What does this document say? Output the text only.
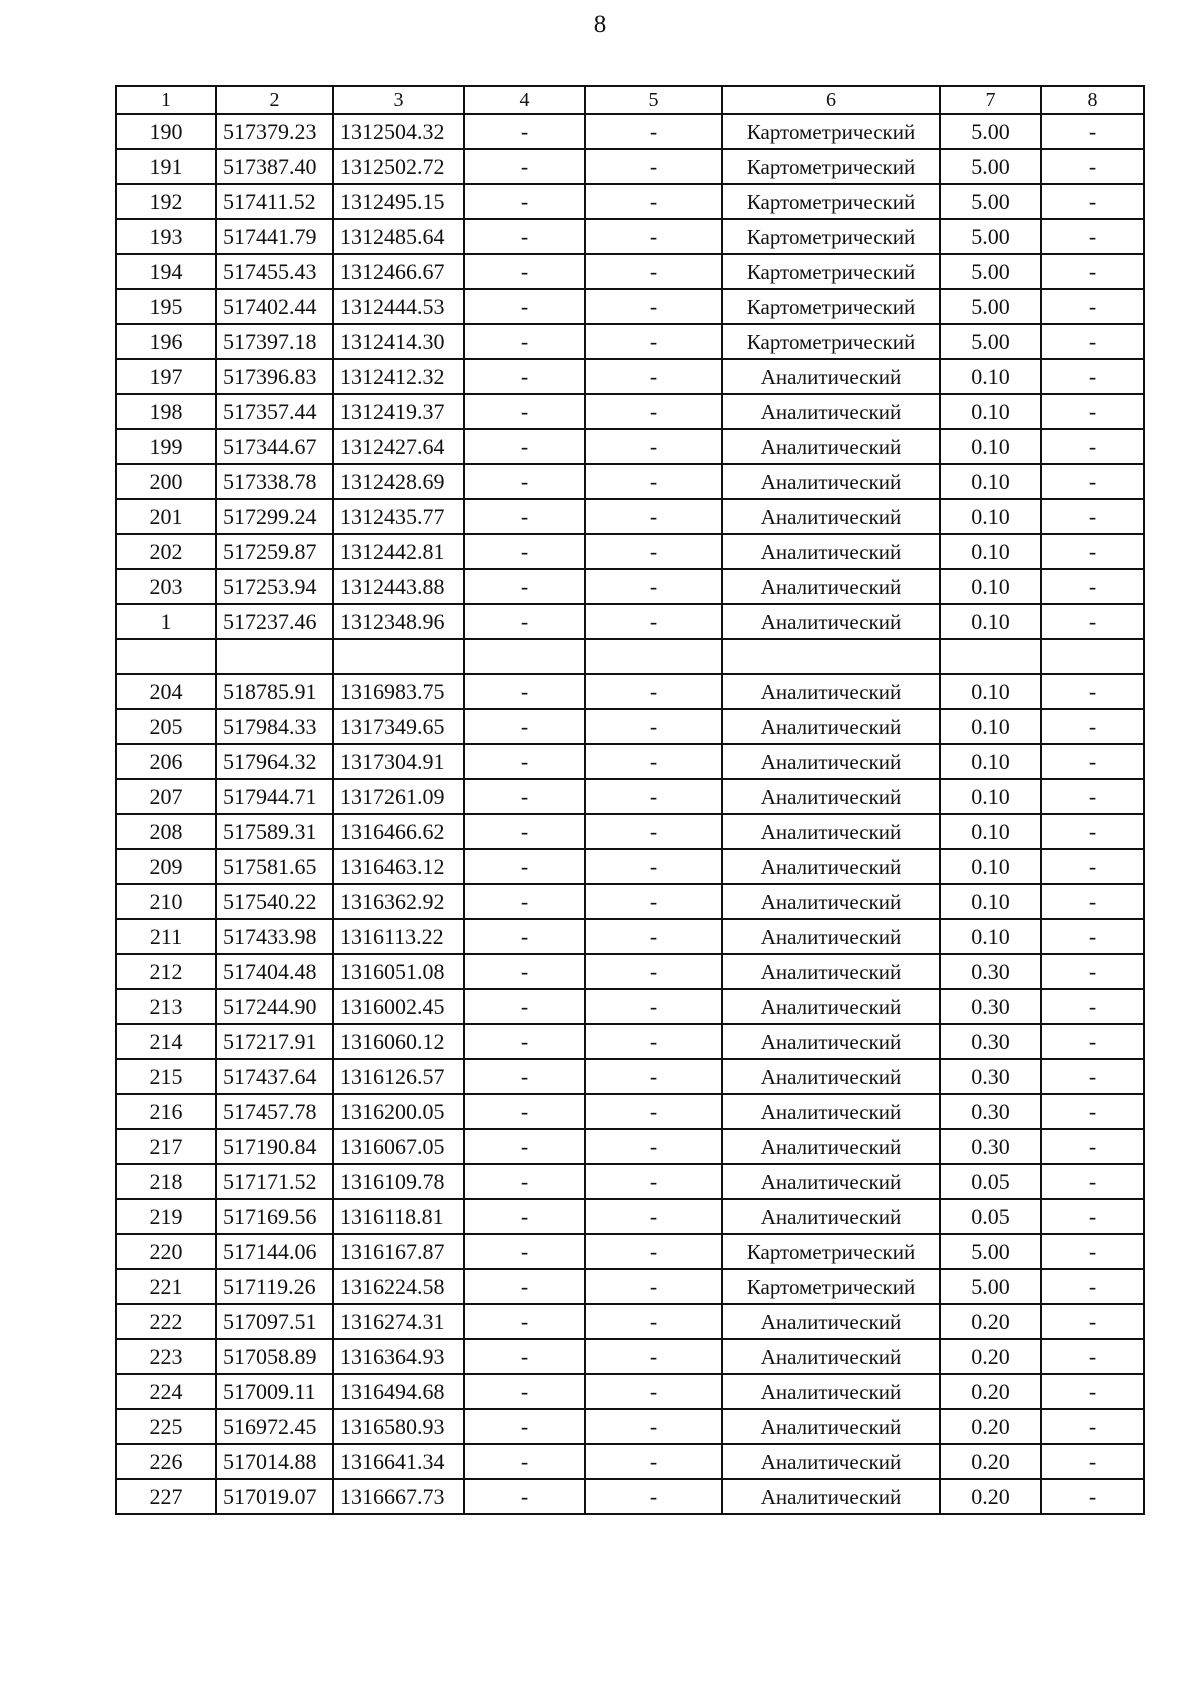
8
1	2	3	4	5	6	7	8
190	517379.23	1312504.32	-	-	Картометрический	5.00	-
191	517387.40	1312502.72	-	-	Картометрический	5.00	-
192	517411.52	1312495.15	-	-	Картометрический	5.00	-
193	517441.79	1312485.64	-	-	Картометрический	5.00	-
194	517455.43	1312466.67	-	-	Картометрический	5.00	-
195	517402.44	1312444.53	-	-	Картометрический	5.00	-
196	517397.18	1312414.30	-	-	Картометрический	5.00	-
197	517396.83	1312412.32	-	-	Аналитический	0.10	-
198	517357.44	1312419.37	-	-	Аналитический	0.10	-
199	517344.67	1312427.64	-	-	Аналитический	0.10	-
200	517338.78	1312428.69	-	-	Аналитический	0.10	-
201	517299.24	1312435.77	-	-	Аналитический	0.10	-
202	517259.87	1312442.81	-	-	Аналитический	0.10	-
203	517253.94	1312443.88	-	-	Аналитический	0.10	-
1	517237.46	1312348.96	-	-	Аналитический	0.10	-

204	518785.91	1316983.75	-	-	Аналитический	0.10	-
205	517984.33	1317349.65	-	-	Аналитический	0.10	-
206	517964.32	1317304.91	-	-	Аналитический	0.10	-
207	517944.71	1317261.09	-	-	Аналитический	0.10	-
208	517589.31	1316466.62	-	-	Аналитический	0.10	-
209	517581.65	1316463.12	-	-	Аналитический	0.10	-
210	517540.22	1316362.92	-	-	Аналитический	0.10	-
211	517433.98	1316113.22	-	-	Аналитический	0.10	-
212	517404.48	1316051.08	-	-	Аналитический	0.30	-
213	517244.90	1316002.45	-	-	Аналитический	0.30	-
214	517217.91	1316060.12	-	-	Аналитический	0.30	-
215	517437.64	1316126.57	-	-	Аналитический	0.30	-
216	517457.78	1316200.05	-	-	Аналитический	0.30	-
217	517190.84	1316067.05	-	-	Аналитический	0.30	-
218	517171.52	1316109.78	-	-	Аналитический	0.05	-
219	517169.56	1316118.81	-	-	Аналитический	0.05	-
220	517144.06	1316167.87	-	-	Картометрический	5.00	-
221	517119.26	1316224.58	-	-	Картометрический	5.00	-
222	517097.51	1316274.31	-	-	Аналитический	0.20	-
223	517058.89	1316364.93	-	-	Аналитический	0.20	-
224	517009.11	1316494.68	-	-	Аналитический	0.20	-
225	516972.45	1316580.93	-	-	Аналитический	0.20	-
226	517014.88	1316641.34	-	-	Аналитический	0.20	-
227	517019.07	1316667.73	-	-	Аналитический	0.20	-
